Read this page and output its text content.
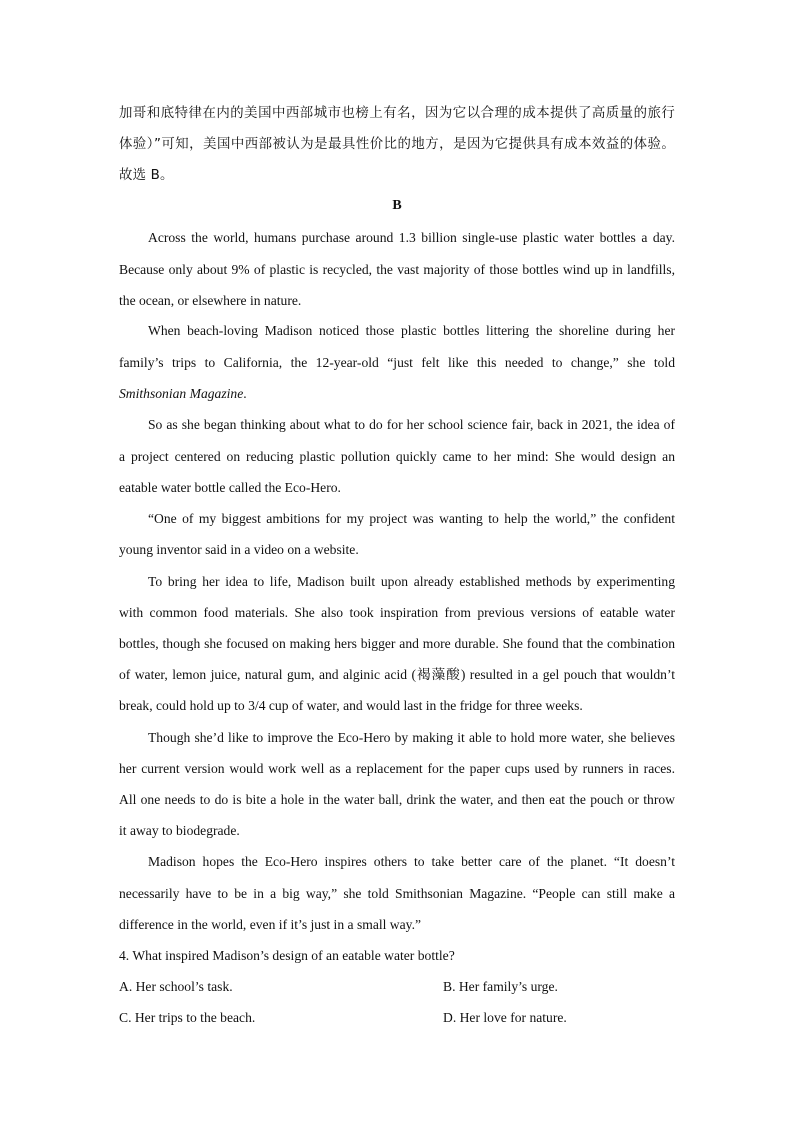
加哥和底特律在内的美国中西部城市也榜上有名，因为它以合理的成本提供了高质量的旅行
体验）”可知，美国中西部被认为是最具性价比的地方，是因为它提供具有成本效益的体验。
故选 B。
B
Across the world, humans purchase around 1.3 billion single-use plastic water bottles a day.
Because only about 9% of plastic is recycled, the vast majority of those bottles wind up in landfills,
the ocean, or elsewhere in nature.
When beach-loving Madison noticed those plastic bottles littering the shoreline during her
family’s trips to California, the 12-year-old “just felt like this needed to change,” she told
Smithsonian Magazine.
So as she began thinking about what to do for her school science fair, back in 2021, the idea of
a project centered on reducing plastic pollution quickly came to her mind: She would design an
eatable water bottle called the Eco-Hero.
“One of my biggest ambitions for my project was wanting to help the world,” the confident
young inventor said in a video on a website.
To bring her idea to life, Madison built upon already established methods by experimenting
with common food materials. She also took inspiration from previous versions of eatable water
bottles, though she focused on making hers bigger and more durable. She found that the combination
of water, lemon juice, natural gum, and alginic acid (褐藻酸) resulted in a gel pouch that wouldn’t
break, could hold up to 3/4 cup of water, and would last in the fridge for three weeks.
Though she’d like to improve the Eco-Hero by making it able to hold more water, she believes
her current version would work well as a replacement for the paper cups used by runners in races.
All one needs to do is bite a hole in the water ball, drink the water, and then eat the pouch or throw
it away to biodegrade.
Madison hopes the Eco-Hero inspires others to take better care of the planet. “It doesn’t
necessarily have to be in a big way,” she told Smithsonian Magazine. “People can still make a
difference in the world, even if it’s just in a small way.”
4. What inspired Madison’s design of an eatable water bottle?
A. Her school’s task.	B. Her family’s urge.
C. Her trips to the beach.	D. Her love for nature.
